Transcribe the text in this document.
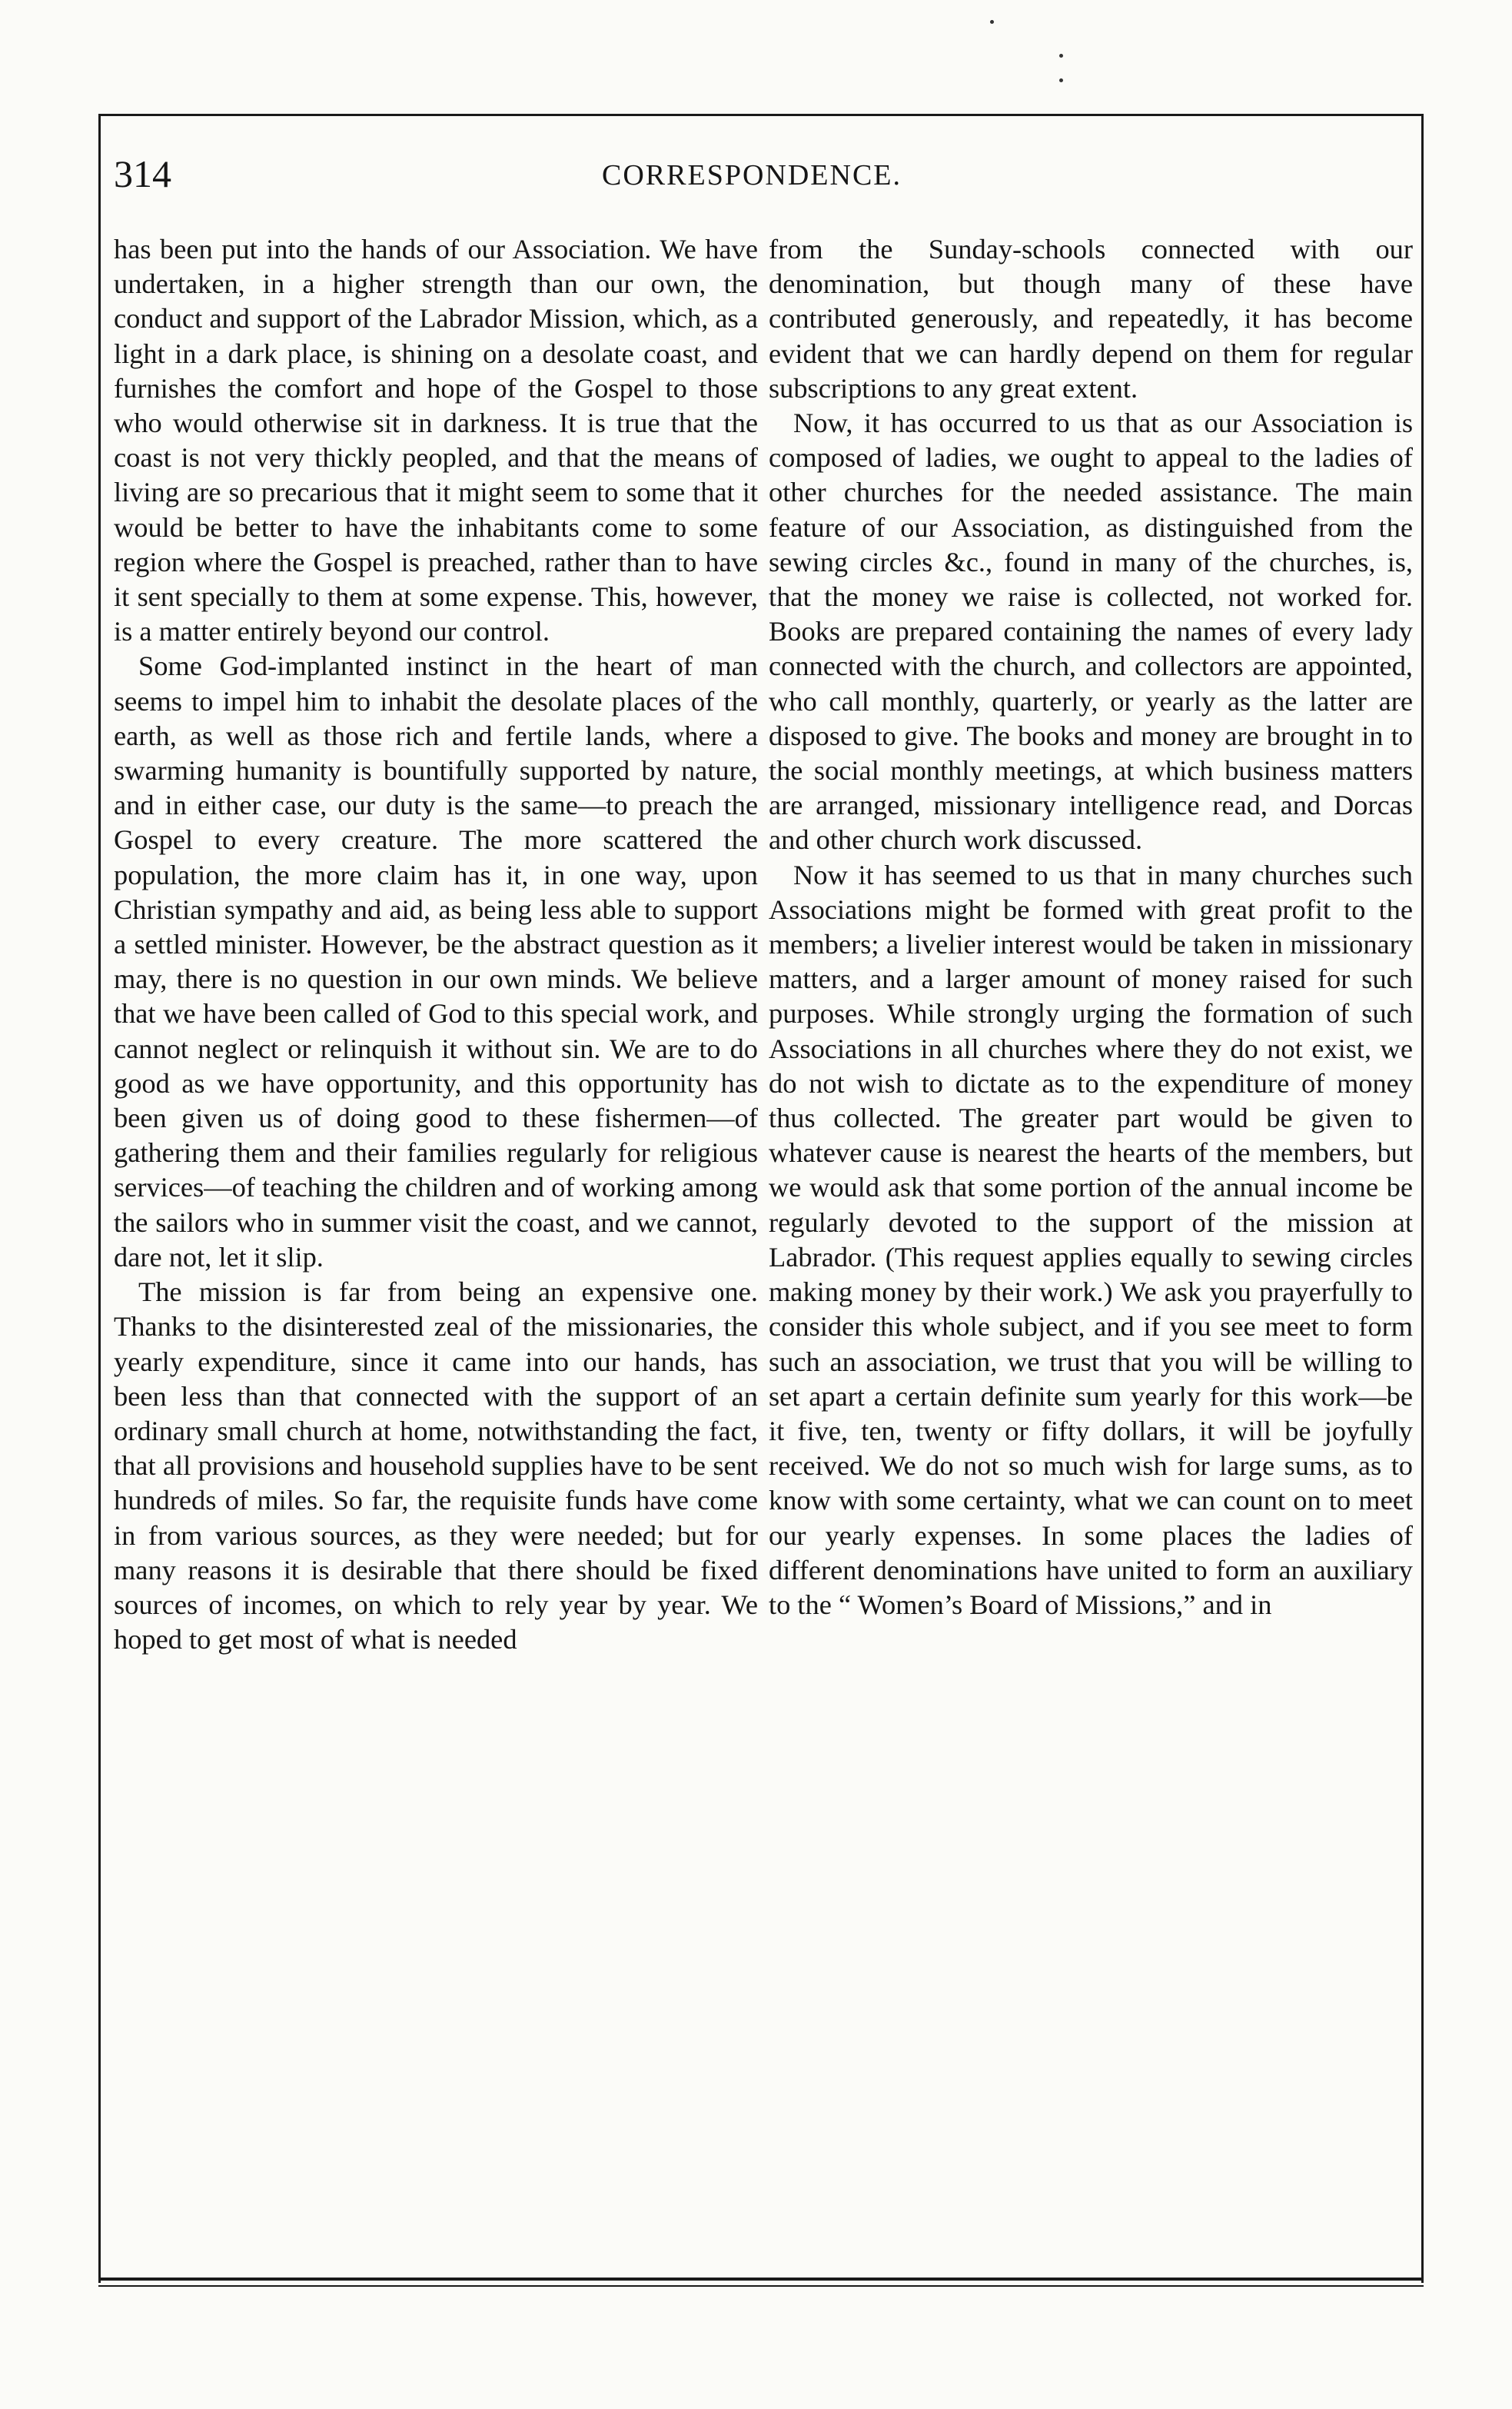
314	CORRESPONDENCE.

has been put into the hands of our Association. We have undertaken, in a higher strength than our own, the conduct and support of the Labrador Mission, which, as a light in a dark place, is shining on a desolate coast, and furnishes the comfort and hope of the Gospel to those who would otherwise sit in darkness. It is true that the coast is not very thickly peopled, and that the means of living are so precarious that it might seem to some that it would be better to have the inhabitants come to some region where the Gospel is preached, rather than to have it sent specially to them at some expense. This, however, is a matter entirely beyond our control.

Some God-implanted instinct in the heart of man seems to impel him to inhabit the desolate places of the earth, as well as those rich and fertile lands, where a swarming humanity is bountifully supported by nature, and in either case, our duty is the same—to preach the Gospel to every creature. The more scattered the population, the more claim has it, in one way, upon Christian sympathy and aid, as being less able to support a settled minister. However, be the abstract question as it may, there is no question in our own minds. We believe that we have been called of God to this special work, and cannot neglect or relinquish it without sin. We are to do good as we have opportunity, and this opportunity has been given us of doing good to these fishermen—of gathering them and their families regularly for religious services—of teaching the children and of working among the sailors who in summer visit the coast, and we cannot, dare not, let it slip.

The mission is far from being an expensive one. Thanks to the disinterested zeal of the missionaries, the yearly expenditure, since it came into our hands, has been less than that connected with the support of an ordinary small church at home, notwithstanding the fact, that all provisions and household supplies have to be sent hundreds of miles. So far, the requisite funds have come in from various sources, as they were needed; but for many reasons it is desirable that there should be fixed sources of incomes, on which to rely year by year. We hoped to get most of what is needed

from the Sunday-schools connected with our denomination, but though many of these have contributed generously, and repeatedly, it has become evident that we can hardly depend on them for regular subscriptions to any great extent.

Now, it has occurred to us that as our Association is composed of ladies, we ought to appeal to the ladies of other churches for the needed assistance. The main feature of our Association, as distinguished from the sewing circles &c., found in many of the churches, is, that the money we raise is collected, not worked for. Books are prepared containing the names of every lady connected with the church, and collectors are appointed, who call monthly, quarterly, or yearly as the latter are disposed to give. The books and money are brought in to the social monthly meetings, at which business matters are arranged, missionary intelligence read, and Dorcas and other church work discussed.

Now it has seemed to us that in many churches such Associations might be formed with great profit to the members; a livelier interest would be taken in missionary matters, and a larger amount of money raised for such purposes. While strongly urging the formation of such Associations in all churches where they do not exist, we do not wish to dictate as to the expenditure of money thus collected. The greater part would be given to whatever cause is nearest the hearts of the members, but we would ask that some portion of the annual income be regularly devoted to the support of the mission at Labrador. (This request applies equally to sewing circles making money by their work.) We ask you prayerfully to consider this whole subject, and if you see meet to form such an association, we trust that you will be willing to set apart a certain definite sum yearly for this work—be it five, ten, twenty or fifty dollars, it will be joyfully received. We do not so much wish for large sums, as to know with some certainty, what we can count on to meet our yearly expenses. In some places the ladies of different denominations have united to form an auxiliary to the “ Women’s Board of Missions,” and in
